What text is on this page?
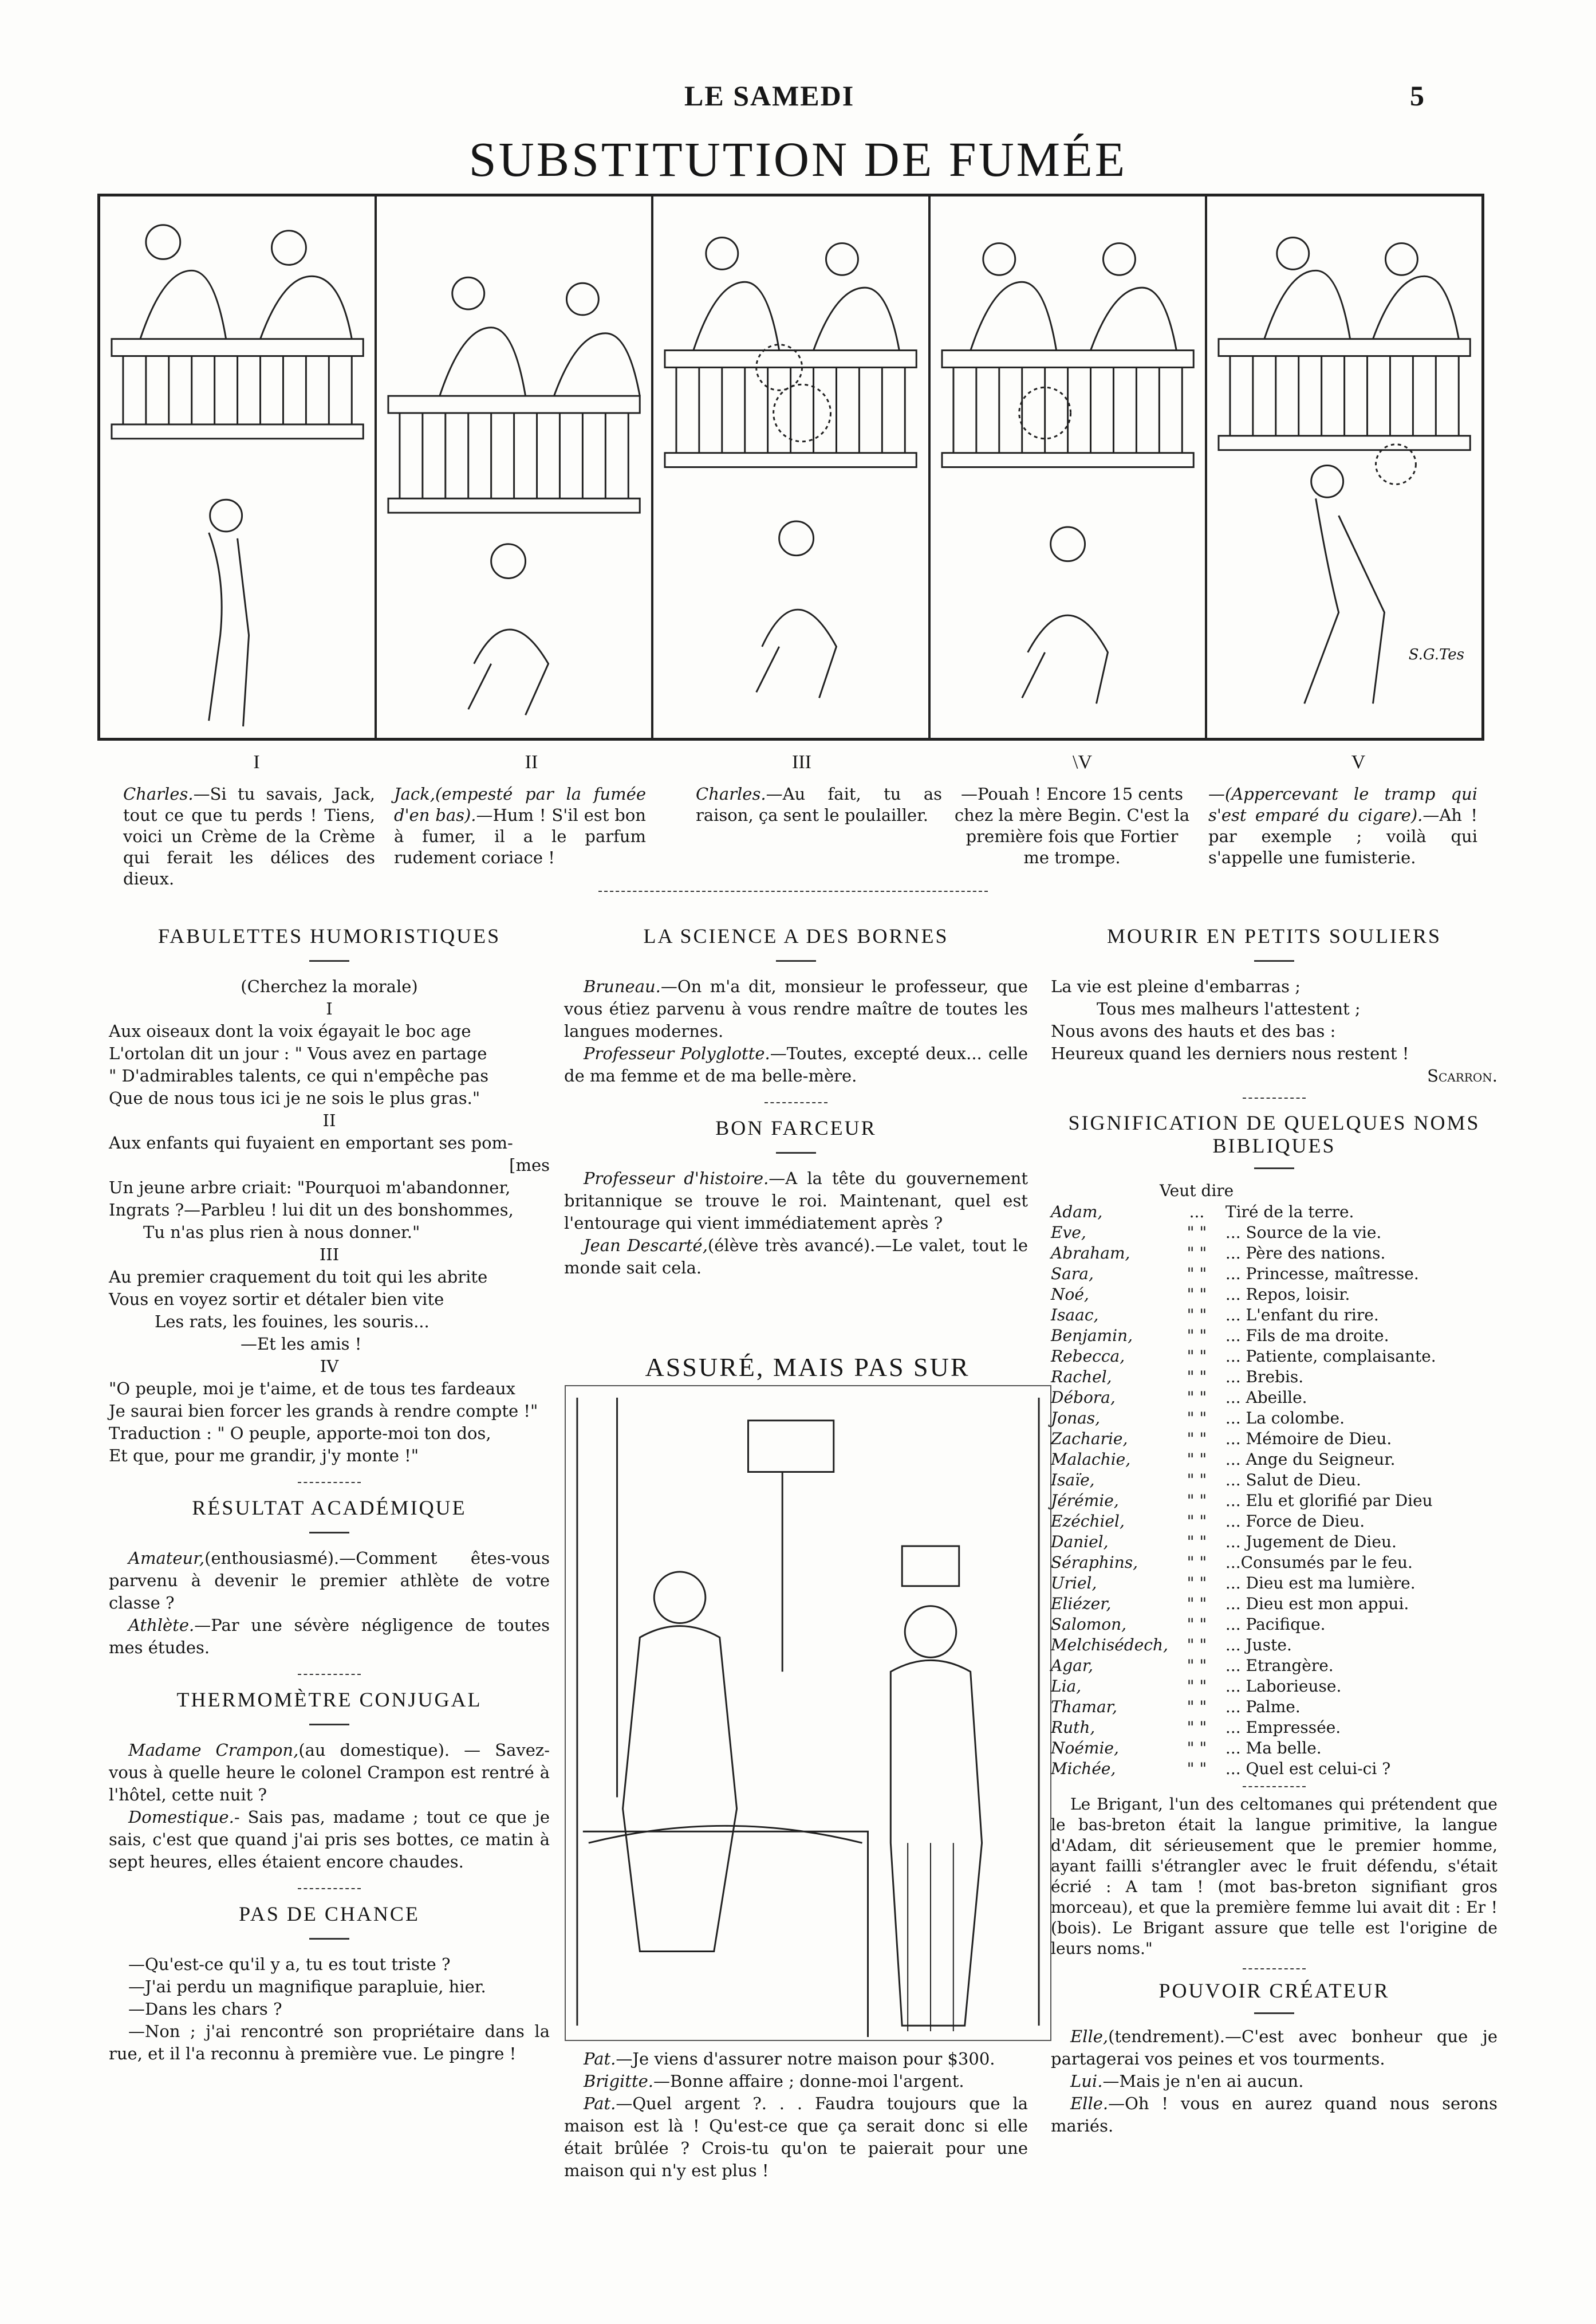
LE SAMEDI	5
SUBSTITUTION DE FUMÉE
S.G.Tes
I	II	III	\V	V
Charles.—Si tu savais, Jack, tout ce que tu perds ! Tiens, voici un Crème de la Crème qui ferait les délices des dieux.
Jack,(empesté par la fumée d'en bas).—Hum ! S'il est bon à fumer, il a le parfum rudement coriace !
Charles.—Au fait, tu as raison, ça sent le poulailler.
—Pouah ! Encore 15 cents chez la mère Begin. C'est la première fois que Fortier me trompe.
—(Appercevant le tramp qui s'est emparé du cigare).—Ah ! par exemple ; voilà qui s'appelle une fumisterie.
FABULETTES HUMORISTIQUES

(Cherchez la morale)

I

Aux oiseaux dont la voix égayait le boc age

L'ortolan dit un jour : " Vous avez en partage

" D'admirables talents, ce qui n'empêche pas

Que de nous tous ici je ne sois le plus gras."

II

Aux enfants qui fuyaient en emportant ses pom-

[mes

Un jeune arbre criait: "Pourquoi m'abandonner,

Ingrats ?—Parbleu ! lui dit un des bonshommes,

Tu n'as plus rien à nous donner."

III

Au premier craquement du toit qui les abrite

Vous en voyez sortir et détaler bien vite

Les rats, les fouines, les souris...

—Et les amis !

IV

"O peuple, moi je t'aime, et de tous tes fardeaux

Je saurai bien forcer les grands à rendre compte !"

Traduction : " O peuple, apporte-moi ton dos,

Et que, pour me grandir, j'y monte !"

RÉSULTAT ACADÉMIQUE

Amateur,(enthousiasmé).—Comment êtes-vous parvenu à devenir le premier athlète de votre classe ?

Athlète.—Par une sévère négligence de toutes mes études.

THERMOMÈTRE CONJUGAL

Madame Crampon,(au domestique). — Savez-vous à quelle heure le colonel Crampon est rentré à l'hôtel, cette nuit ?

Domestique.- Sais pas, madame ; tout ce que je sais, c'est que quand j'ai pris ses bottes, ce matin à sept heures, elles étaient encore chaudes.

PAS DE CHANCE

—Qu'est-ce qu'il y a, tu es tout triste ?

—J'ai perdu un magnifique parapluie, hier.

—Dans les chars ?

—Non ; j'ai rencontré son propriétaire dans la rue, et il l'a reconnu à première vue. Le pingre !

LA SCIENCE A DES BORNES

Bruneau.—On m'a dit, monsieur le professeur, que vous étiez parvenu à vous rendre maître de toutes les langues modernes.

Professeur Polyglotte.—Toutes, excepté deux... celle de ma femme et de ma belle-mère.

BON FARCEUR

Professeur d'histoire.—A la tête du gouvernement britannique se trouve le roi. Maintenant, quel est l'entourage qui vient immédiatement après ?

Jean Descarté,(élève très avancé).—Le valet, tout le monde sait cela.

ASSURÉ, MAIS PAS SUR

Pat.—Je viens d'assurer notre maison pour $300.

Brigitte.—Bonne affaire ; donne-moi l'argent.

Pat.—Quel argent ?. . . Faudra toujours que la maison est là ! Qu'est-ce que ça serait donc si elle était brûlée ? Crois-tu qu'on te paierait pour une maison qui n'y est plus !

MOURIR EN PETITS SOULIERS

La vie est pleine d'embarras ;

Tous mes malheurs l'attestent ;

Nous avons des hauts et des bas :

Heureux quand les derniers nous restent !

Scarron.

SIGNIFICATION DE QUELQUES NOMS BIBLIQUES
Veut dire
Adam,	...	Tiré de la terre.
Eve,	" "	... Source de la vie.
Abraham,	" "	... Père des nations.
Sara,	" "	... Princesse, maîtresse.
Noé,	" "	... Repos, loisir.
Isaac,	" "	... L'enfant du rire.
Benjamin,	" "	... Fils de ma droite.
Rebecca,	" "	... Patiente, complaisante.
Rachel,	" "	... Brebis.
Débora,	" "	... Abeille.
Jonas,	" "	... La colombe.
Zacharie,	" "	... Mémoire de Dieu.
Malachie,	" "	... Ange du Seigneur.
Isaïe,	" "	... Salut de Dieu.
Jérémie,	" "	... Elu et glorifié par Dieu
Ezéchiel,	" "	... Force de Dieu.
Daniel,	" "	... Jugement de Dieu.
Séraphins,	" "	...Consumés par le feu.
Uriel,	" "	... Dieu est ma lumière.
Eliézer,	" "	... Dieu est mon appui.
Salomon,	" "	... Pacifique.
Melchisédech,	" "	... Juste.
Agar,	" "	... Etrangère.
Lia,	" "	... Laborieuse.
Thamar,	" "	... Palme.
Ruth,	" "	... Empressée.
Noémie,	" "	... Ma belle.
Michée,	" "	... Quel est celui-ci ?

Le Brigant, l'un des celtomanes qui prétendent que le bas-breton était la langue primitive, la langue d'Adam, dit sérieusement que le premier homme, ayant failli s'étrangler avec le fruit défendu, s'était écrié : A tam ! (mot bas-breton signifiant gros morceau), et que la première femme lui avait dit : Er ! (bois). Le Brigant assure que telle est l'origine de leurs noms."

POUVOIR CRÉATEUR

Elle,(tendrement).—C'est avec bonheur que je partagerai vos peines et vos tourments.

Lui.—Mais je n'en ai aucun.

Elle.—Oh ! vous en aurez quand nous serons mariés.
